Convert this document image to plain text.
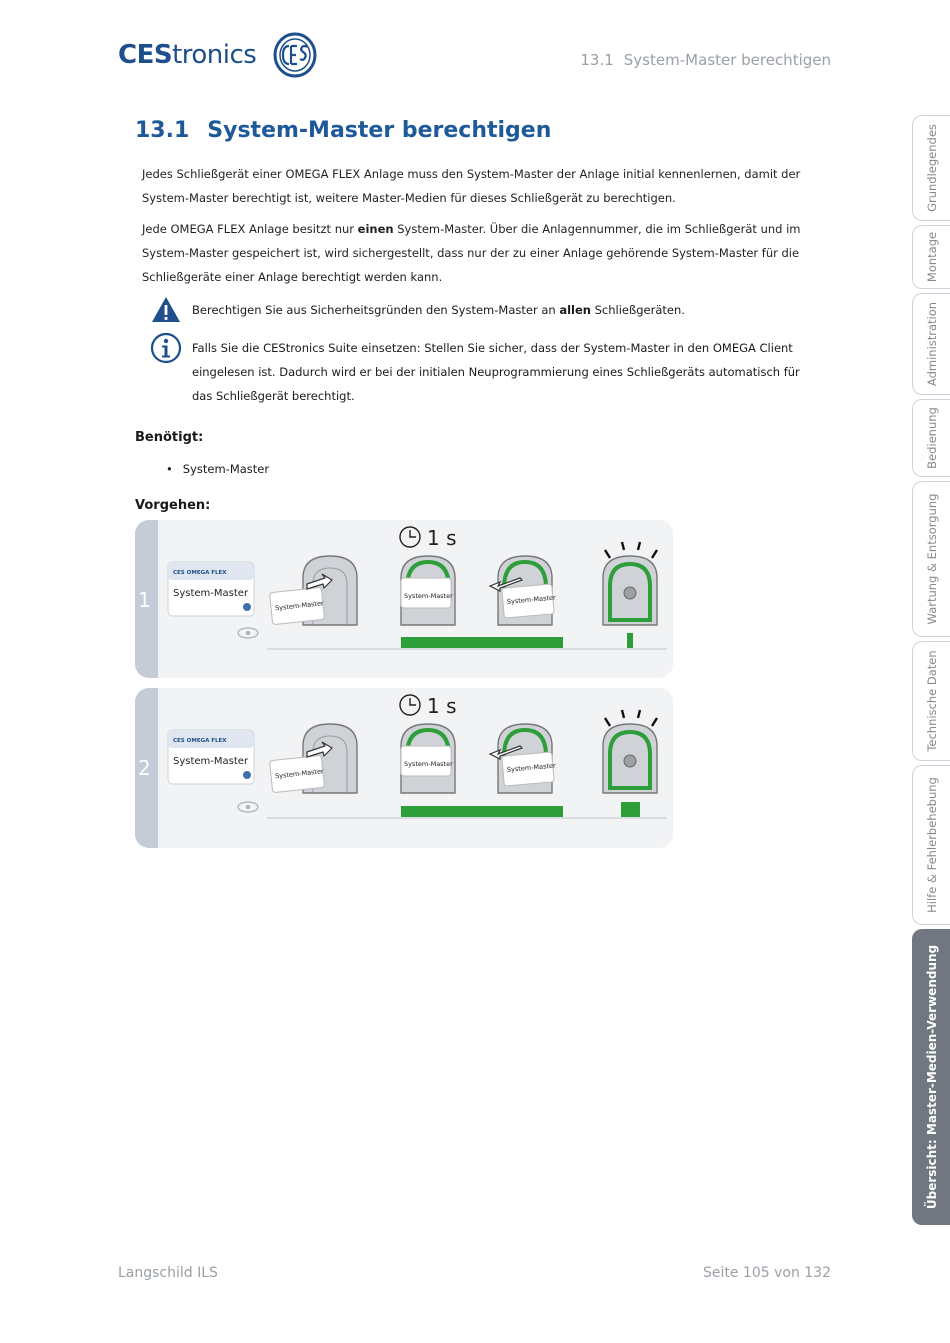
CEStronics	13.1 System-Master berechtigen
13.1 System-Master berechtigen
Jedes Schließgerät einer OMEGA FLEX Anlage muss den System-Master der Anlage initial kennenlernen, damit der System-Master berechtigt ist, weitere Master-Medien für dieses Schließgerät zu berechtigen.
Jede OMEGA FLEX Anlage besitzt nur einen System-Master. Über die Anlagennummer, die im Schließgerät und im System-Master gespeichert ist, wird sichergestellt, dass nur der zu einer Anlage gehörende System-Master für die Schließgeräte einer Anlage berechtigt werden kann.
Berechtigen Sie aus Sicherheitsgründen den System-Master an allen Schließgeräten.
Falls Sie die CEStronics Suite einsetzen: Stellen Sie sicher, dass der System-Master in den OMEGA Client eingelesen ist. Dadurch wird er bei der initialen Neuprogrammierung eines Schließgeräts automatisch für das Schließgerät berechtigt.
Benötigt:
• System-Master
Vorgehen:
1
CES OMEGA FLEX
System-Master
System-Master
1 s
System-Master	System-Master
2
CES OMEGA FLEX
System-Master
System-Master
1 s
System-Master	System-Master
Grundlegendes
Montage
Administration
Bedienung
Wartung & Entsorgung
Technische Daten
Hilfe & Fehlerbehebung
Übersicht: Master-Medien-Verwendung
Langschild ILS	Seite 105 von 132
